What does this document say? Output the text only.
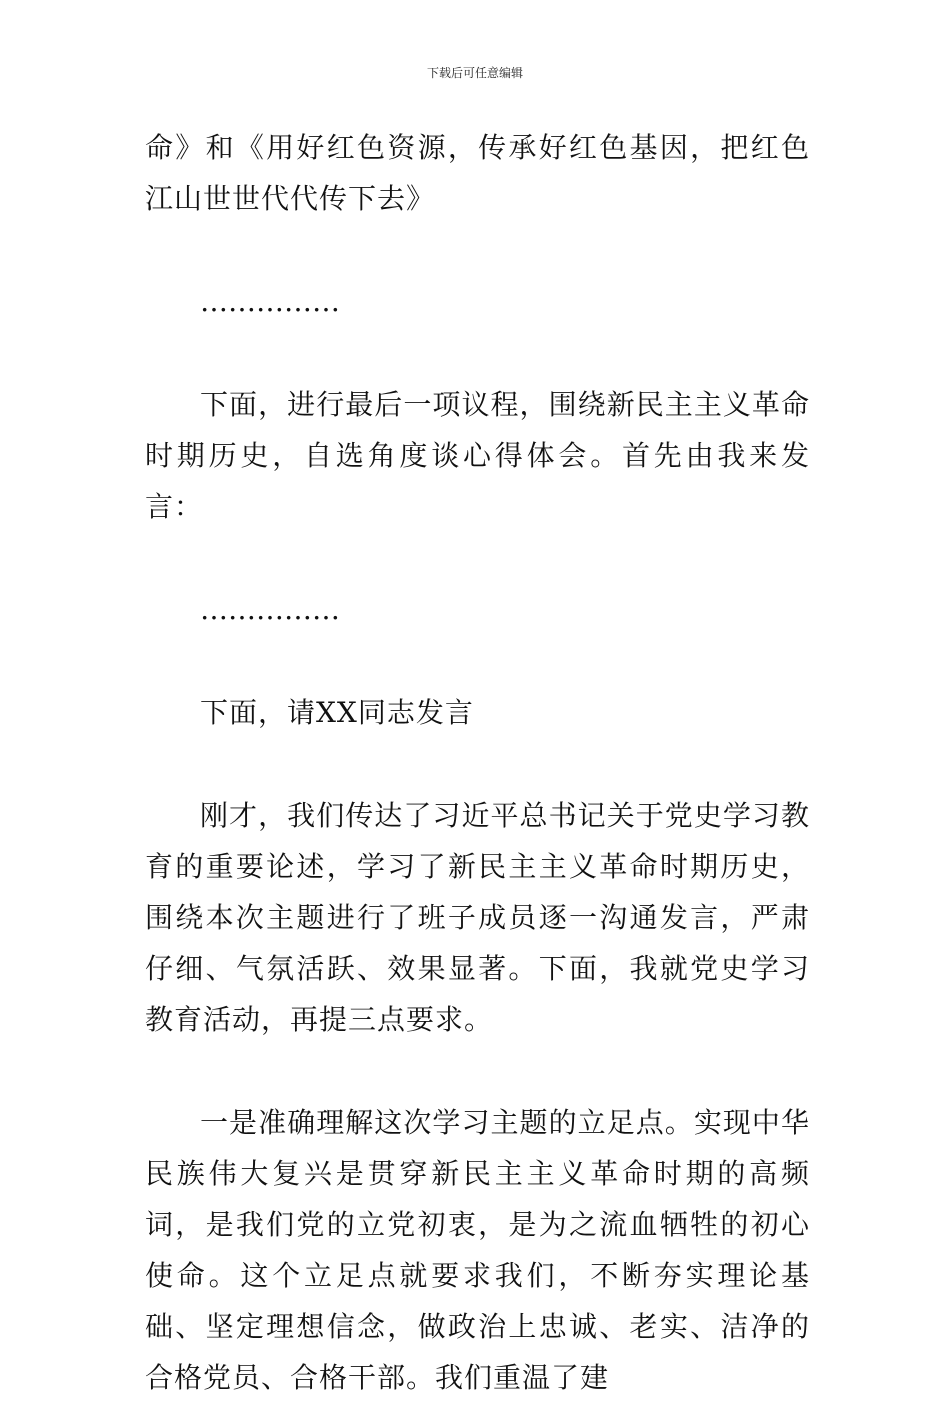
下载后可任意编辑

命》和《用好红色资源，传承好红色基因，把红色江山世世代代传下去》

……………

下面，进行最后一项议程，围绕新民主主义革命时期历史，自选角度谈心得体会。首先由我来发言：

……………

下面，请XX同志发言

刚才，我们传达了习近平总书记关于党史学习教育的重要论述，学习了新民主主义革命时期历史，围绕本次主题进行了班子成员逐一沟通发言，严肃仔细、气氛活跃、效果显著。下面，我就党史学习教育活动，再提三点要求。

一是准确理解这次学习主题的立足点。实现中华民族伟大复兴是贯穿新民主主义革命时期的高频词，是我们党的立党初衷，是为之流血牺牲的初心使命。这个立足点就要求我们，不断夯实理论基础、坚定理想信念，做政治上忠诚、老实、洁净的合格党员、合格干部。我们重温了建
